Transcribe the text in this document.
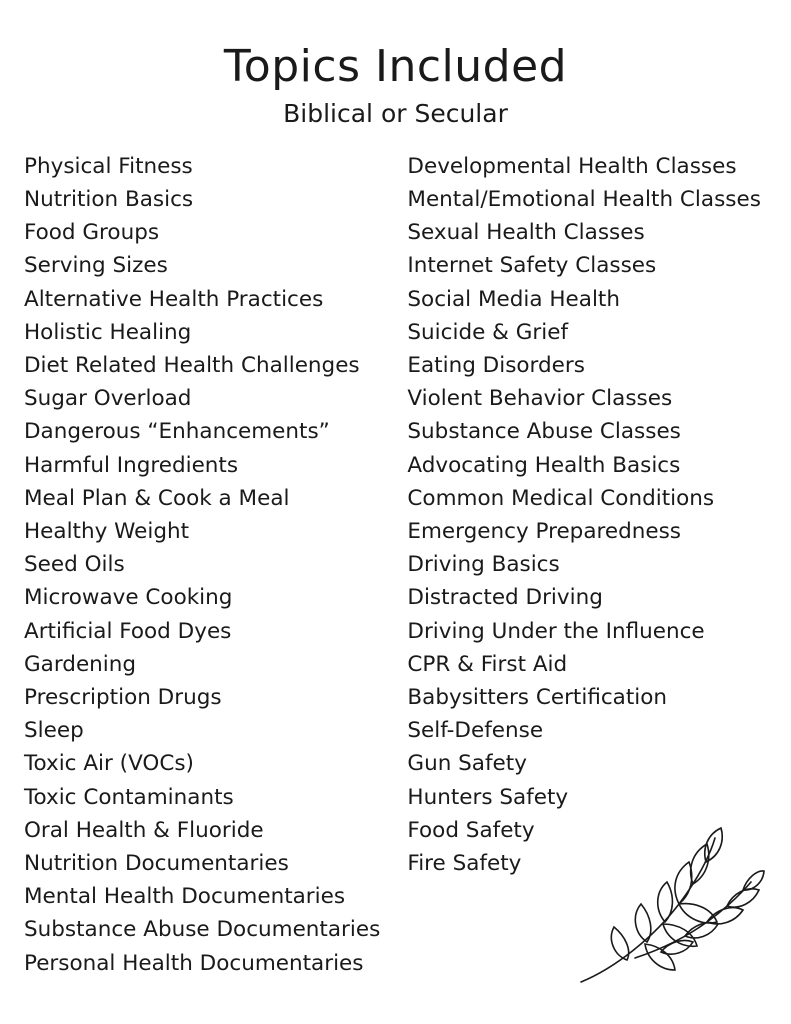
Topics Included
Biblical or Secular
Physical Fitness
Nutrition Basics
Food Groups
Serving Sizes
Alternative Health Practices
Holistic Healing
Diet Related Health Challenges
Sugar Overload
Dangerous “Enhancements”
Harmful Ingredients
Meal Plan & Cook a Meal
Healthy Weight
Seed Oils
Microwave Cooking
Artificial Food Dyes
Gardening
Prescription Drugs
Sleep
Toxic Air (VOCs)
Toxic Contaminants
Oral Health & Fluoride
Nutrition Documentaries
Mental Health Documentaries
Substance Abuse Documentaries
Personal Health Documentaries
Developmental Health Classes
Mental/Emotional Health Classes
Sexual Health Classes
Internet Safety Classes
Social Media Health
Suicide & Grief
Eating Disorders
Violent Behavior Classes
Substance Abuse Classes
Advocating Health Basics
Common Medical Conditions
Emergency Preparedness
Driving Basics
Distracted Driving
Driving Under the Influence
CPR & First Aid
Babysitters Certification
Self-Defense
Gun Safety
Hunters Safety
Food Safety
Fire Safety
